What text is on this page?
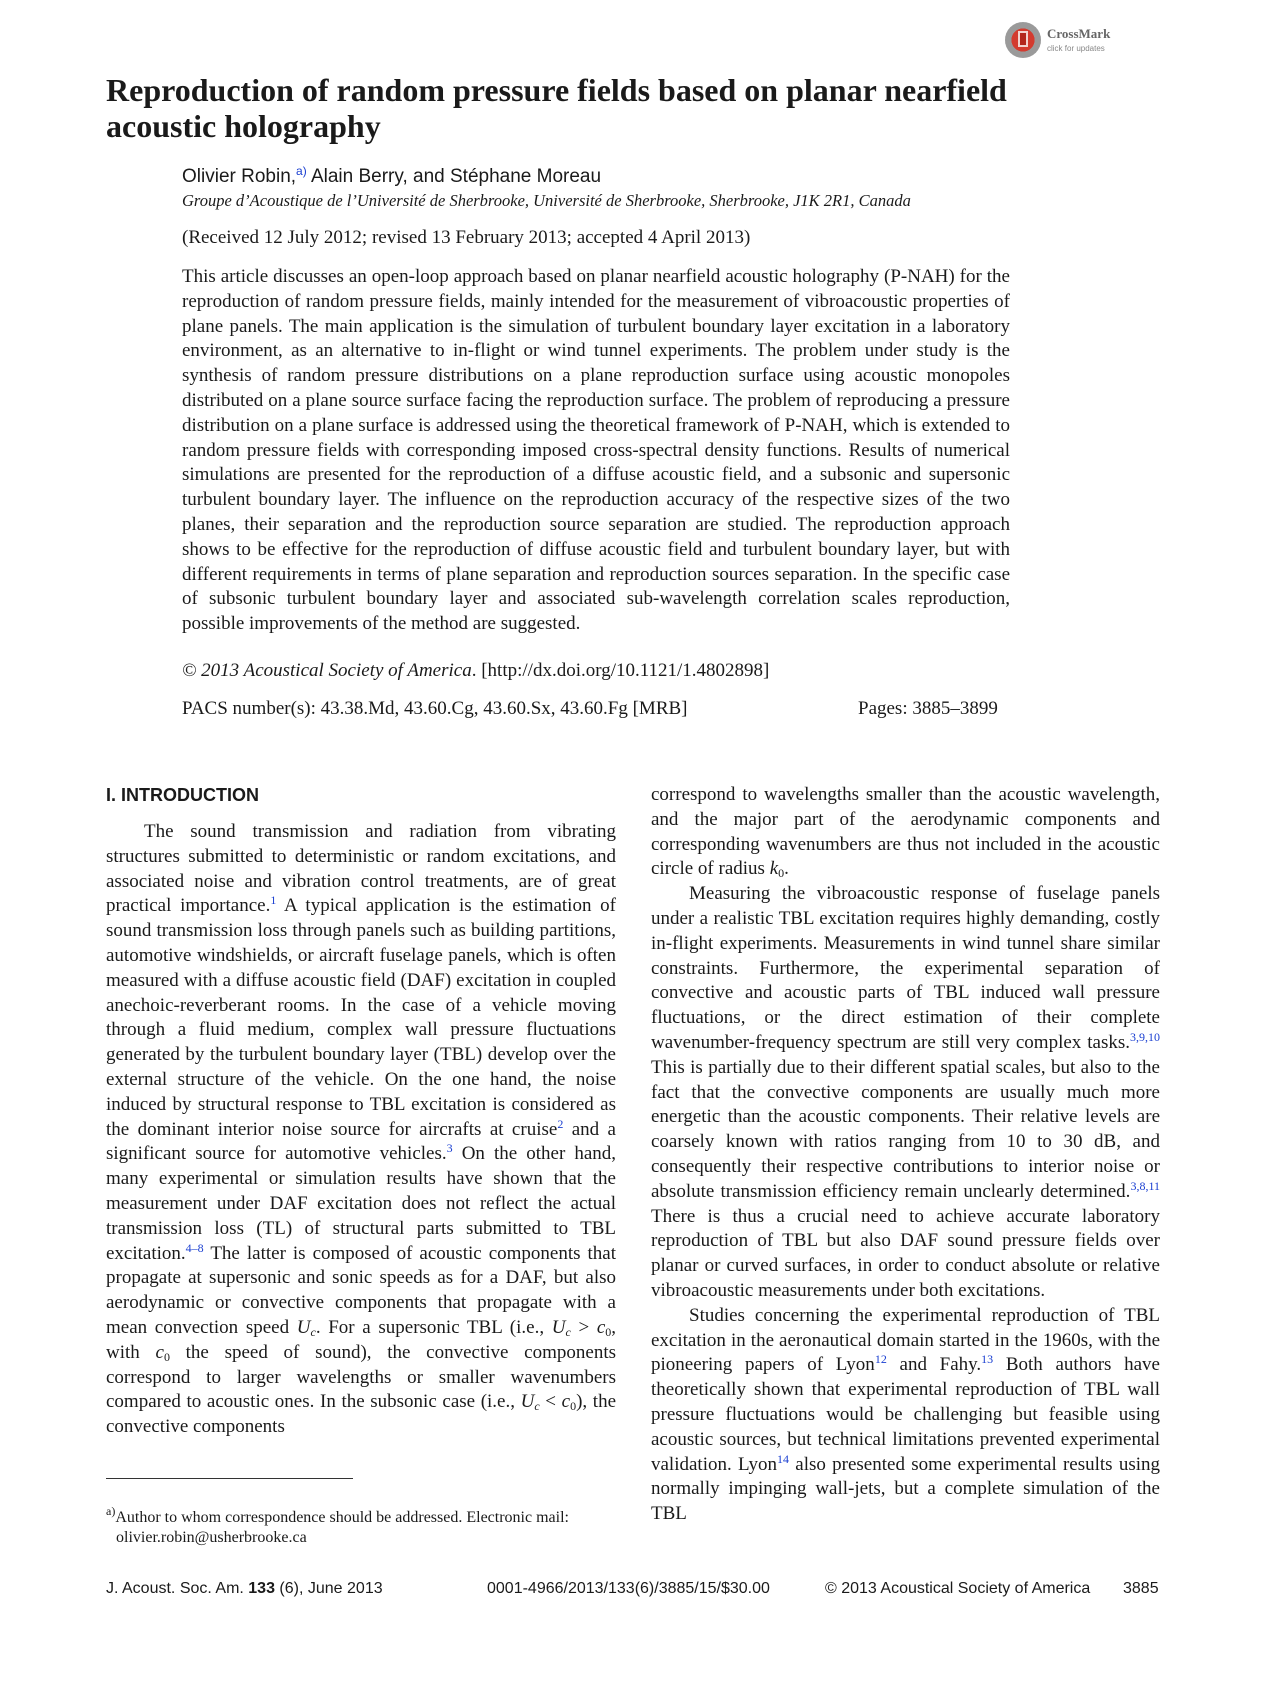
CrossMark
click for updates
Reproduction of random pressure fields based on planar nearfield acoustic holography
Olivier Robin,$^{a)}$ Alain Berry, and Stéphane Moreau
Groupe d’Acoustique de l’Université de Sherbrooke, Université de Sherbrooke, Sherbrooke, J1K 2R1, Canada
(Received 12 July 2012; revised 13 February 2013; accepted 4 April 2013)
This article discusses an open-loop approach based on planar nearfield acoustic holography (P-NAH) for the reproduction of random pressure fields, mainly intended for the measurement of vibroacoustic properties of plane panels. The main application is the simulation of turbulent boundary layer excitation in a laboratory environment, as an alternative to in-flight or wind tunnel experiments. The problem under study is the synthesis of random pressure distributions on a plane reproduction surface using acoustic monopoles distributed on a plane source surface facing the reproduction surface. The problem of reproducing a pressure distribution on a plane surface is addressed using the theoretical framework of P-NAH, which is extended to random pressure fields with corresponding imposed cross-spectral density functions. Results of numerical simulations are presented for the reproduction of a diffuse acoustic field, and a subsonic and supersonic turbulent boundary layer. The influence on the reproduction accuracy of the respective sizes of the two planes, their separation and the reproduction source separation are studied. The reproduction approach shows to be effective for the reproduction of diffuse acoustic field and turbulent boundary layer, but with different requirements in terms of plane separation and reproduction sources separation. In the specific case of subsonic turbulent boundary layer and associated sub-wavelength correlation scales reproduction, possible improvements of the method are suggested.
© 2013 Acoustical Society of America. [http://dx.doi.org/10.1121/1.4802898]
PACS number(s): 43.38.Md, 43.60.Cg, 43.60.Sx, 43.60.Fg [MRB]	Pages: 3885–3899
I. INTRODUCTION

The sound transmission and radiation from vibrating structures submitted to deterministic or random excitations, and associated noise and vibration control treatments, are of great practical importance.$^1$ A typical application is the estimation of sound transmission loss through panels such as building partitions, automotive windshields, or aircraft fuselage panels, which is often measured with a diffuse acoustic field (DAF) excitation in coupled anechoic-reverberant rooms. In the case of a vehicle moving through a fluid medium, complex wall pressure fluctuations generated by the turbulent boundary layer (TBL) develop over the external structure of the vehicle. On the one hand, the noise induced by structural response to TBL excitation is considered as the dominant interior noise source for aircrafts at cruise$^2$ and a significant source for automotive vehicles.$^3$ On the other hand, many experimental or simulation results have shown that the measurement under DAF excitation does not reflect the actual transmission loss (TL) of structural parts submitted to TBL excitation.$^{4-8}$ The latter is composed of acoustic components that propagate at supersonic and sonic speeds as for a DAF, but also aerodynamic or convective components that propagate with a mean convection speed $U_c$. For a supersonic TBL (i.e., $U_c > c_0$, with $c_0$ the speed of sound), the convective components correspond to larger wavelengths or smaller wavenumbers compared to acoustic ones. In the subsonic case (i.e., $U_c < c_0$), the convective components

correspond to wavelengths smaller than the acoustic wavelength, and the major part of the aerodynamic components and corresponding wavenumbers are thus not included in the acoustic circle of radius $k_0$.

Measuring the vibroacoustic response of fuselage panels under a realistic TBL excitation requires highly demanding, costly in-flight experiments. Measurements in wind tunnel share similar constraints. Furthermore, the experimental separation of convective and acoustic parts of TBL induced wall pressure fluctuations, or the direct estimation of their complete wavenumber-frequency spectrum are still very complex tasks.$^{3,9,10}$ This is partially due to their different spatial scales, but also to the fact that the convective components are usually much more energetic than the acoustic components. Their relative levels are coarsely known with ratios ranging from 10 to 30 dB, and consequently their respective contributions to interior noise or absolute transmission efficiency remain unclearly determined.$^{3,8,11}$ There is thus a crucial need to achieve accurate laboratory reproduction of TBL but also DAF sound pressure fields over planar or curved surfaces, in order to conduct absolute or relative vibroacoustic measurements under both excitations.

Studies concerning the experimental reproduction of TBL excitation in the aeronautical domain started in the 1960s, with the pioneering papers of Lyon$^{12}$ and Fahy.$^{13}$ Both authors have theoretically shown that experimental reproduction of TBL wall pressure fluctuations would be challenging but feasible using acoustic sources, but technical limitations prevented experimental validation. Lyon$^{14}$ also presented some experimental results using normally impinging wall-jets, but a complete simulation of the TBL

$^{a)}$Author to whom correspondence should be addressed. Electronic mail:
olivier.robin@usherbrooke.ca
J. Acoust. Soc. Am. 133 (6), June 2013	0001-4966/2013/133(6)/3885/15/$30.00	© 2013 Acoustical Society of America 3885
